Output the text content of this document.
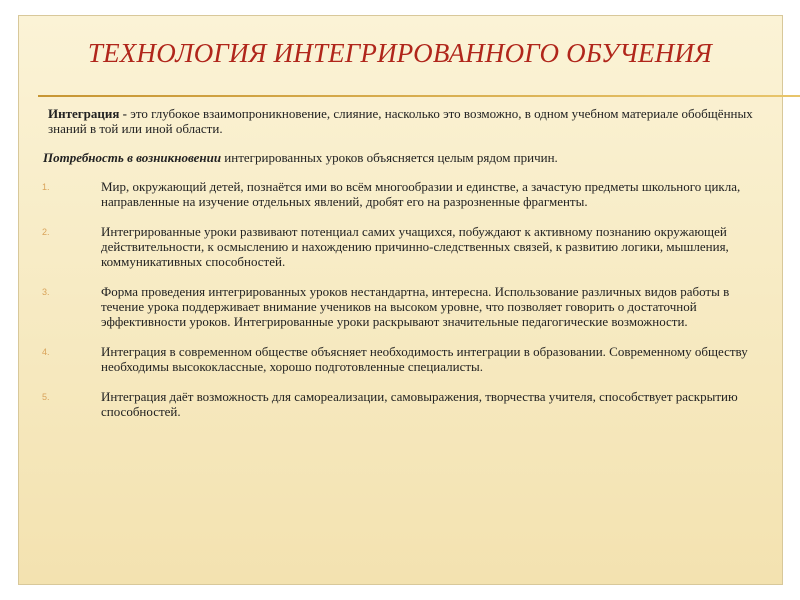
ТЕХНОЛОГИЯ ИНТЕГРИРОВАННОГО ОБУЧЕНИЯ

Интеграция - это глубокое взаимопроникновение, слияние, насколько это возможно, в одном учебном материале обобщённых знаний в той или иной области.

Потребность в возникновении интегрированных уроков объясняется целым рядом причин.

1.	Мир, окружающий детей, познаётся ими во всём многообразии и единстве, а зачастую предметы школьного цикла, направленные на изучение отдельных явлений, дробят его на разрозненные фрагменты.
2.	Интегрированные уроки развивают потенциал самих учащихся, побуждают к активному познанию окружающей действительности, к осмыслению и нахождению причинно-следственных связей, к развитию логики, мышления, коммуникативных способностей.
3.	Форма проведения интегрированных уроков нестандартна, интересна. Использование различных видов работы в течение урока поддерживает внимание учеников на высоком уровне, что позволяет говорить о достаточной эффективности уроков. Интегрированные уроки раскрывают значительные педагогические возможности.
4.	Интеграция в современном обществе объясняет необходимость интеграции в образовании. Современному обществу необходимы высококлассные, хорошо подготовленные специалисты.
5.	Интеграция даёт возможность для самореализации, самовыражения, творчества учителя, способствует раскрытию способностей.
